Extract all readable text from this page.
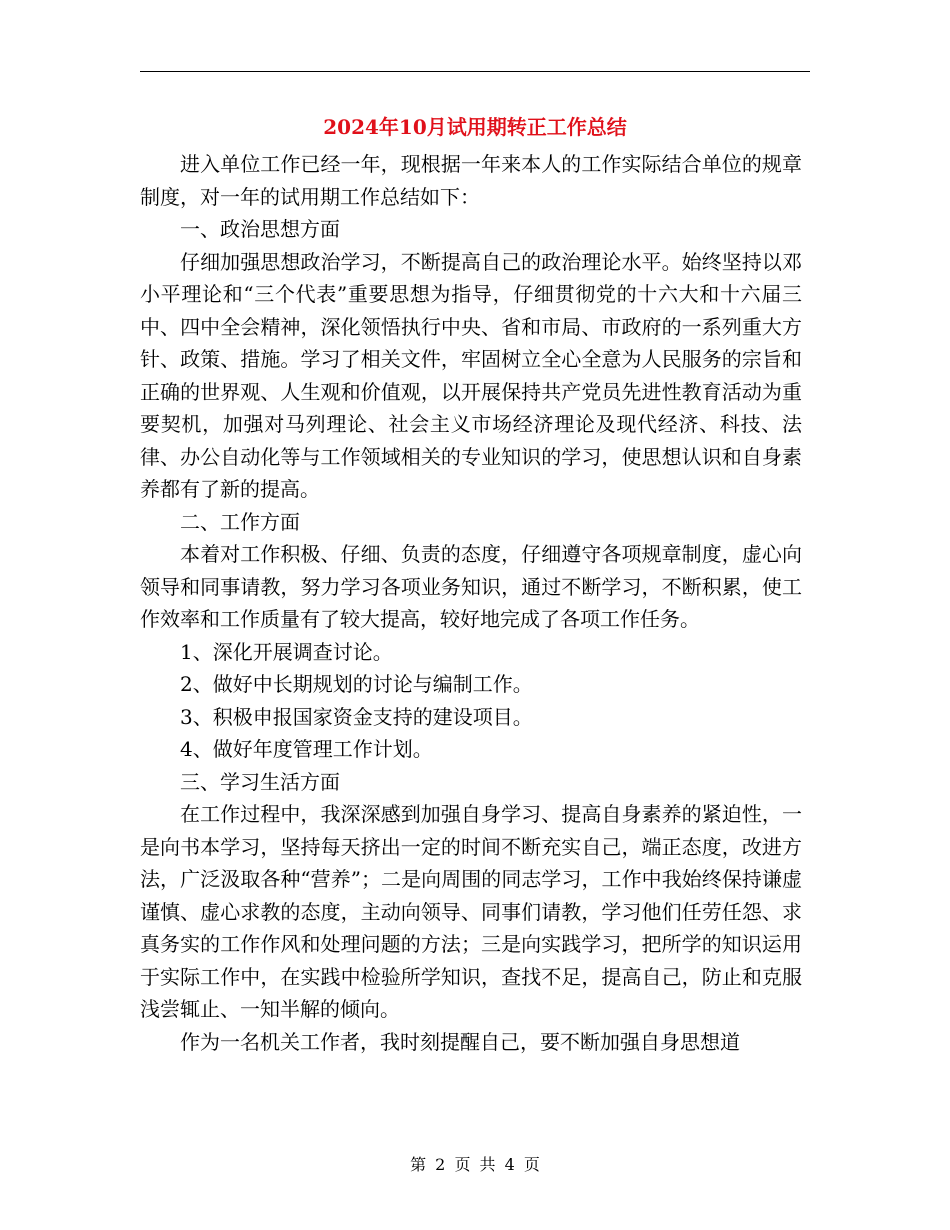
2024年10月试用期转正工作总结

进入单位工作已经一年，现根据一年来本人的工作实际结合单位的规章制度，对一年的试用期工作总结如下：

一、政治思想方面

仔细加强思想政治学习，不断提高自己的政治理论水平。始终坚持以邓小平理论和“三个代表”重要思想为指导，仔细贯彻党的十六大和十六届三中、四中全会精神，深化领悟执行中央、省和市局、市政府的一系列重大方针、政策、措施。学习了相关文件，牢固树立全心全意为人民服务的宗旨和正确的世界观、人生观和价值观，以开展保持共产党员先进性教育活动为重要契机，加强对马列理论、社会主义市场经济理论及现代经济、科技、法律、办公自动化等与工作领域相关的专业知识的学习，使思想认识和自身素养都有了新的提高。

二、工作方面

本着对工作积极、仔细、负责的态度，仔细遵守各项规章制度，虚心向领导和同事请教，努力学习各项业务知识，通过不断学习，不断积累，使工作效率和工作质量有了较大提高，较好地完成了各项工作任务。

1、深化开展调查讨论。

2、做好中长期规划的讨论与编制工作。

3、积极申报国家资金支持的建设项目。

4、做好年度管理工作计划。

三、学习生活方面

在工作过程中，我深深感到加强自身学习、提高自身素养的紧迫性，一是向书本学习，坚持每天挤出一定的时间不断充实自己，端正态度，改进方法，广泛汲取各种“营养”；二是向周围的同志学习，工作中我始终保持谦虚谨慎、虚心求教的态度，主动向领导、同事们请教，学习他们任劳任怨、求真务实的工作作风和处理问题的方法；三是向实践学习，把所学的知识运用于实际工作中，在实践中检验所学知识，查找不足，提高自己，防止和克服浅尝辄止、一知半解的倾向。

作为一名机关工作者，我时刻提醒自己，要不断加强自身思想道

第 2 页 共 4 页
